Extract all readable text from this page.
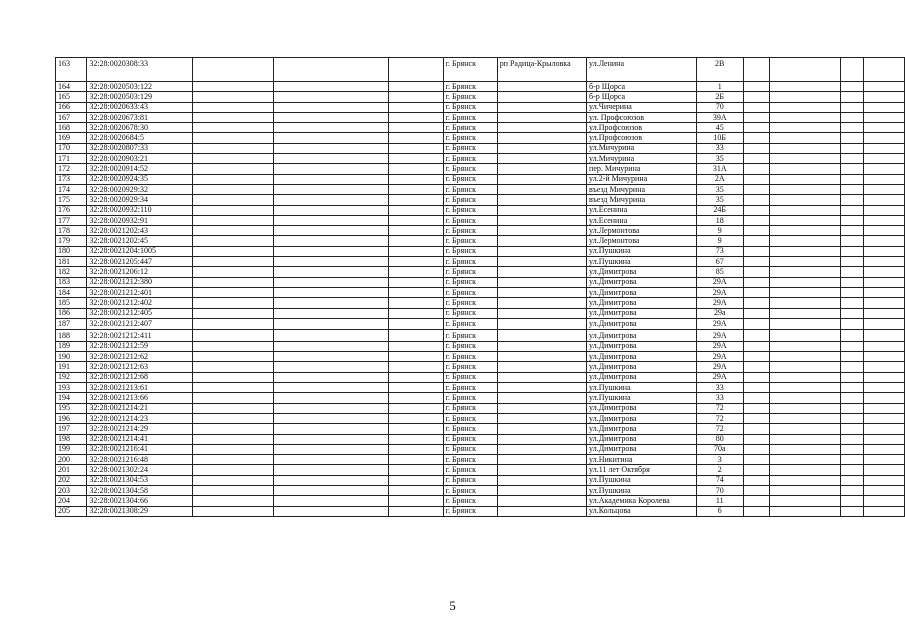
163	32:28:0020308:33				г. Брянск	рп Радица-Крыловка	ул.Ленина	2В				
164	32:28:0020503:122				г. Брянск		б-р Щорса	1				
165	32:28:0020503:129				г. Брянск		б-р Щорса	2Б				
166	32:28:0020633:43				г. Брянск		ул.Чичерина	70				
167	32:28:0020673:81				г. Брянск		ул. Профсоюзов	39А				
168	32:28:0020678:30				г. Брянск		ул.Профсоюзов	45				
169	32:28:0020684:5				г. Брянск		ул.Профсоюзов	10Б				
170	32:28:0020807:33				г. Брянск		ул.Мичурина	33				
171	32:28:0020903:21				г. Брянск		ул.Мичурина	35				
172	32:28:0020914:52				г. Брянск		пер. Мичурина	31А				
173	32:28:0020924:35				г. Брянск		ул.2-й Мичурина	2А				
174	32:28:0020929:32				г. Брянск		въезд Мичурина	35				
175	32:28:0020929:34				г. Брянск		въезд Мичурина	35				
176	32:28:0020932:110				г. Брянск		ул.Есенина	24Б				
177	32:28:0020932:91				г. Брянск		ул.Есенина	18				
178	32:28:0021202:43				г. Брянск		ул.Лермонтова	9				
179	32:28:0021202:45				г. Брянск		ул.Лермонтова	9				
180	32:28:0021204:1005				г. Брянск		ул.Пушкина	73				
181	32:28:0021205:447				г. Брянск		ул.Пушкина	67				
182	32:28:0021206:12				г. Брянск		ул.Димитрова	85				
183	32:28:0021212:380				г. Брянск		ул.Димитрова	29А				
184	32:28:0021212:401				г. Брянск		ул.Димитрова	29А				
185	32:28:0021212:402				г. Брянск		ул.Димитрова	29А				
186	32:28:0021212:405				г. Брянск		ул.Димитрова	29а				
187	32:28:0021212:407				г. Брянск		ул.Димитрова	29А				
188	32:28:0021212:411				г. Брянск		ул.Димитрова	29А				
189	32:28:0021212:59				г. Брянск		ул.Димитрова	29А				
190	32:28:0021212:62				г. Брянск		ул.Димитрова	29А				
191	32:28:0021212:63				г. Брянск		ул.Димитрова	29А				
192	32:28:0021212:68				г. Брянск		ул.Димитрова	29А				
193	32:28:0021213:61				г. Брянск		ул.Пушкина	33				
194	32:28:0021213:66				г. Брянск		ул.Пушкина	33				
195	32:28:0021214:21				г. Брянск		ул.Димитрова	72				
196	32:28:0021214:23				г. Брянск		ул.Димитрова	72				
197	32:28:0021214:29				г. Брянск		ул.Димитрова	72				
198	32:28:0021214:41				г. Брянск		ул.Димитрова	80				
199	32:28:0021216:41				г. Брянск		ул.Димитрова	70а				
200	32:28:0021216:48				г. Брянск		ул.Никитина	3				
201	32:28:0021302:24				г. Брянск		ул.11 лет Октября	2				
202	32:28:0021304:53				г. Брянск		ул.Пушкина	74				
203	32:28:0021304:58				г. Брянск		ул.Пушкина	70				
204	32:28:0021304:66				г. Брянск		ул.Академика Королева	11				
205	32:28:0021308:29				г. Брянск		ул.Кольцова	6				
5
